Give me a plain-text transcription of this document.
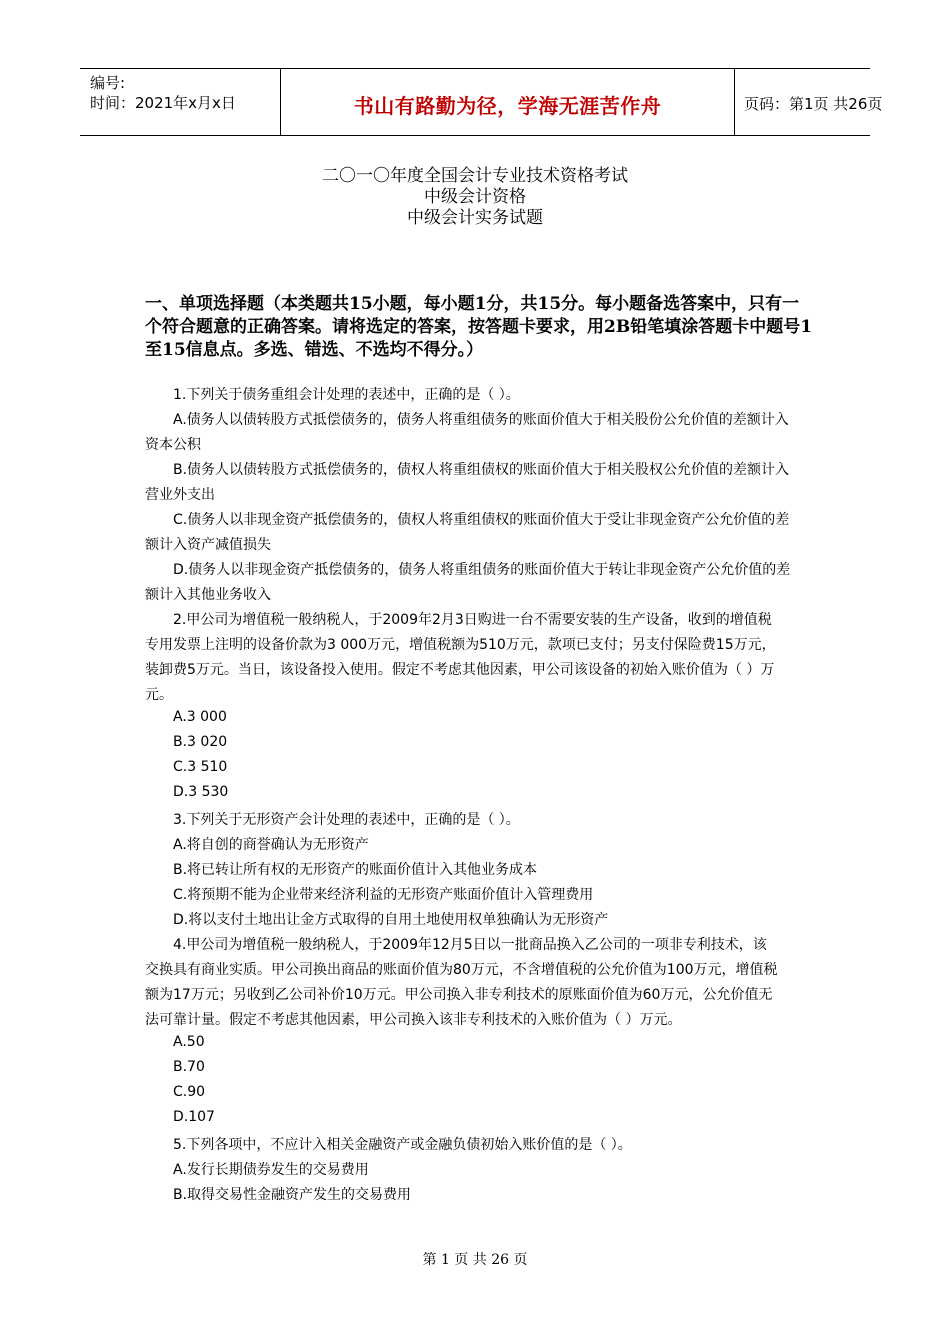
编号:
时间：2021年x月x日	书山有路勤为径，学海无涯苦作舟	页码：第1页 共26页
二〇一〇年度全国会计专业技术资格考试
中级会计资格
中级会计实务试题
一、单项选择题（本类题共15小题，每小题1分，共15分。每小题备选答案中，只有一个符合题意的正确答案。请将选定的答案，按答题卡要求，用2B铅笔填涂答题卡中题号1至15信息点。多选、错选、不选均不得分。）
1.下列关于债务重组会计处理的表述中，正确的是（ ）。
A.债务人以债转股方式抵偿债务的，债务人将重组债务的账面价值大于相关股份公允价值的差额计入
资本公积
B.债务人以债转股方式抵偿债务的，债权人将重组债权的账面价值大于相关股权公允价值的差额计入
营业外支出
C.债务人以非现金资产抵偿债务的，债权人将重组债权的账面价值大于受让非现金资产公允价值的差
额计入资产减值损失
D.债务人以非现金资产抵偿债务的，债务人将重组债务的账面价值大于转让非现金资产公允价值的差
额计入其他业务收入
2.甲公司为增值税一般纳税人，于2009年2月3日购进一台不需要安装的生产设备，收到的增值税
专用发票上注明的设备价款为3 000万元，增值税额为510万元，款项已支付；另支付保险费15万元，
装卸费5万元。当日，该设备投入使用。假定不考虑其他因素，甲公司该设备的初始入账价值为（ ）万
元。
A.3 000
B.3 020
C.3 510
D.3 530
3.下列关于无形资产会计处理的表述中，正确的是（ ）。
A.将自创的商誉确认为无形资产
B.将已转让所有权的无形资产的账面价值计入其他业务成本
C.将预期不能为企业带来经济利益的无形资产账面价值计入管理费用
D.将以支付土地出让金方式取得的自用土地使用权单独确认为无形资产
4.甲公司为增值税一般纳税人，于2009年12月5日以一批商品换入乙公司的一项非专利技术，该
交换具有商业实质。甲公司换出商品的账面价值为80万元，不含增值税的公允价值为100万元，增值税
额为17万元；另收到乙公司补价10万元。甲公司换入非专利技术的原账面价值为60万元，公允价值无
法可靠计量。假定不考虑其他因素，甲公司换入该非专利技术的入账价值为（ ）万元。
A.50
B.70
C.90
D.107
5.下列各项中，不应计入相关金融资产或金融负债初始入账价值的是（ ）。
A.发行长期债券发生的交易费用
B.取得交易性金融资产发生的交易费用
第 1 页 共 26 页
